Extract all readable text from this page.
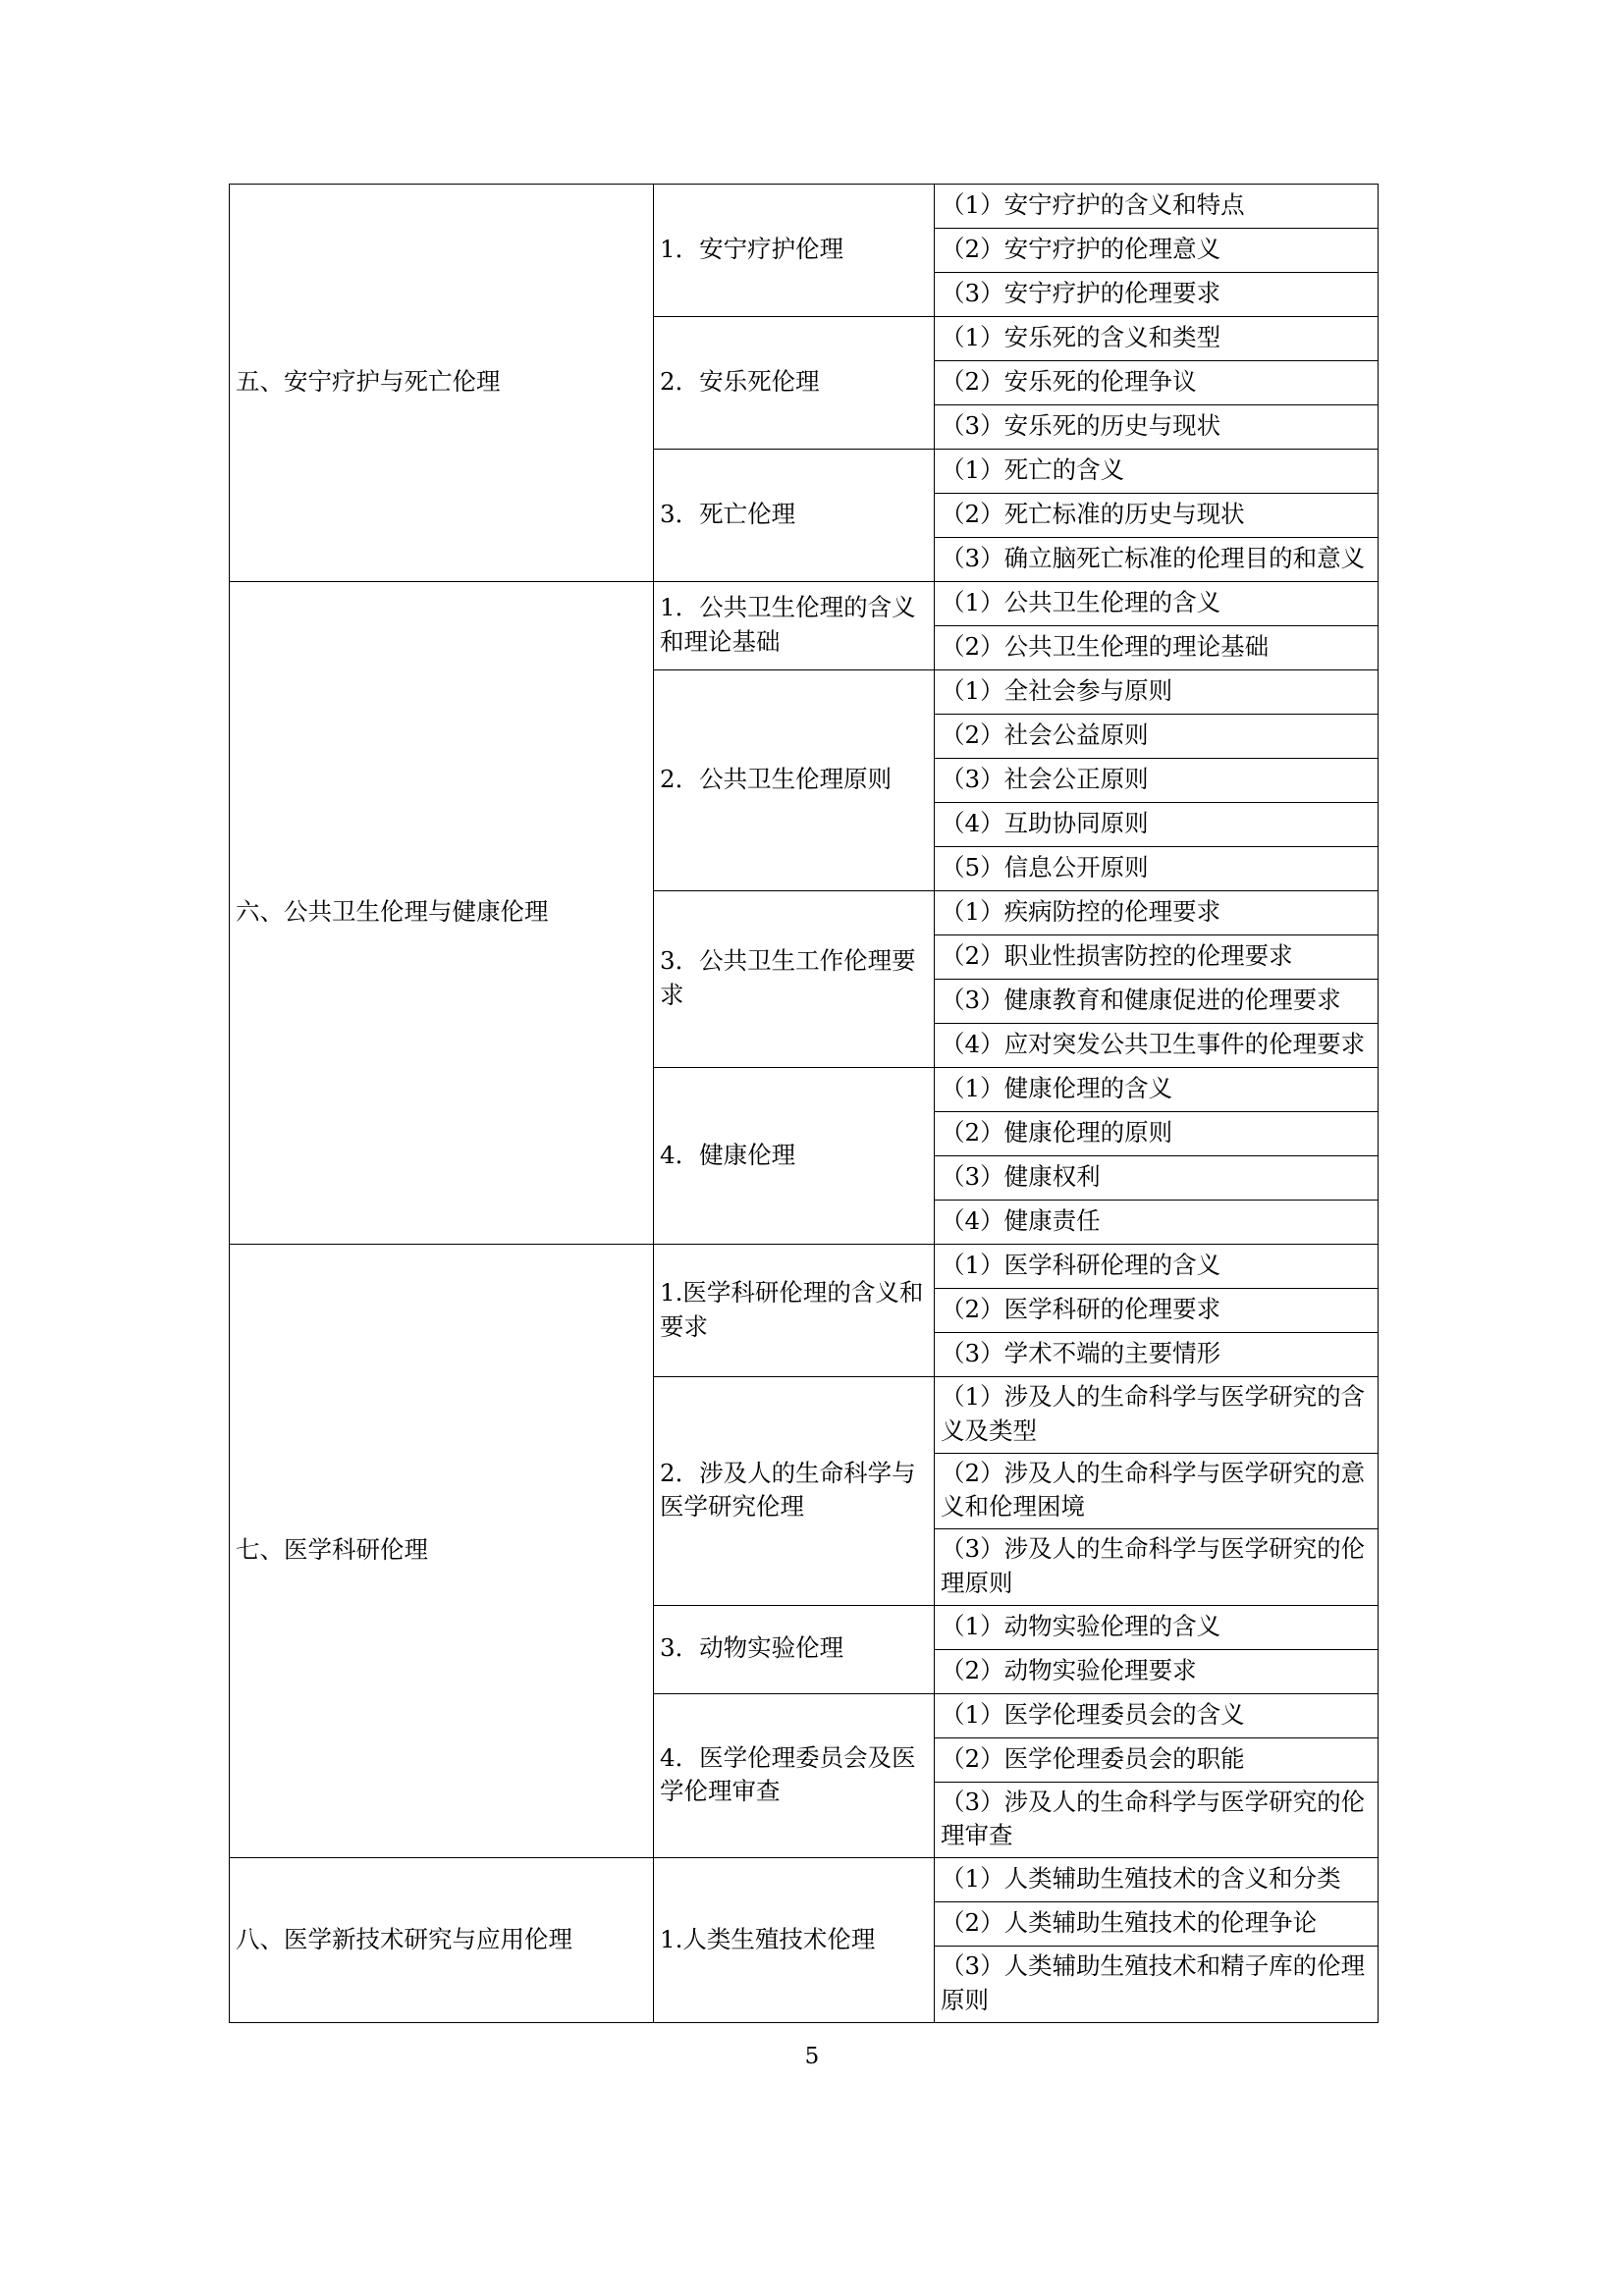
五、安宁疗护与死亡伦理	1．安宁疗护伦理	（1）安宁疗护的含义和特点
		（2）安宁疗护的伦理意义
		（3）安宁疗护的伦理要求
	2．安乐死伦理	（1）安乐死的含义和类型
		（2）安乐死的伦理争议
		（3）安乐死的历史与现状
	3．死亡伦理	（1）死亡的含义
		（2）死亡标准的历史与现状
		（3）确立脑死亡标准的伦理目的和意义
六、公共卫生伦理与健康伦理	1．公共卫生伦理的含义和理论基础	（1）公共卫生伦理的含义
		（2）公共卫生伦理的理论基础
	2．公共卫生伦理原则	（1）全社会参与原则
		（2）社会公益原则
		（3）社会公正原则
		（4）互助协同原则
		（5）信息公开原则
	3．公共卫生工作伦理要求	（1）疾病防控的伦理要求
		（2）职业性损害防控的伦理要求
		（3）健康教育和健康促进的伦理要求
		（4）应对突发公共卫生事件的伦理要求
	4．健康伦理	（1）健康伦理的含义
		（2）健康伦理的原则
		（3）健康权利
		（4）健康责任
七、医学科研伦理	1.医学科研伦理的含义和要求	（1）医学科研伦理的含义
		（2）医学科研的伦理要求
		（3）学术不端的主要情形
	2．涉及人的生命科学与医学研究伦理	（1）涉及人的生命科学与医学研究的含义及类型
		（2）涉及人的生命科学与医学研究的意义和伦理困境
		（3）涉及人的生命科学与医学研究的伦理原则
	3．动物实验伦理	（1）动物实验伦理的含义
		（2）动物实验伦理要求
	4．医学伦理委员会及医学伦理审查	（1）医学伦理委员会的含义
		（2）医学伦理委员会的职能
		（3）涉及人的生命科学与医学研究的伦理审查
八、医学新技术研究与应用伦理	1.人类生殖技术伦理	（1）人类辅助生殖技术的含义和分类
		（2）人类辅助生殖技术的伦理争论
		（3）人类辅助生殖技术和精子库的伦理原则
5
